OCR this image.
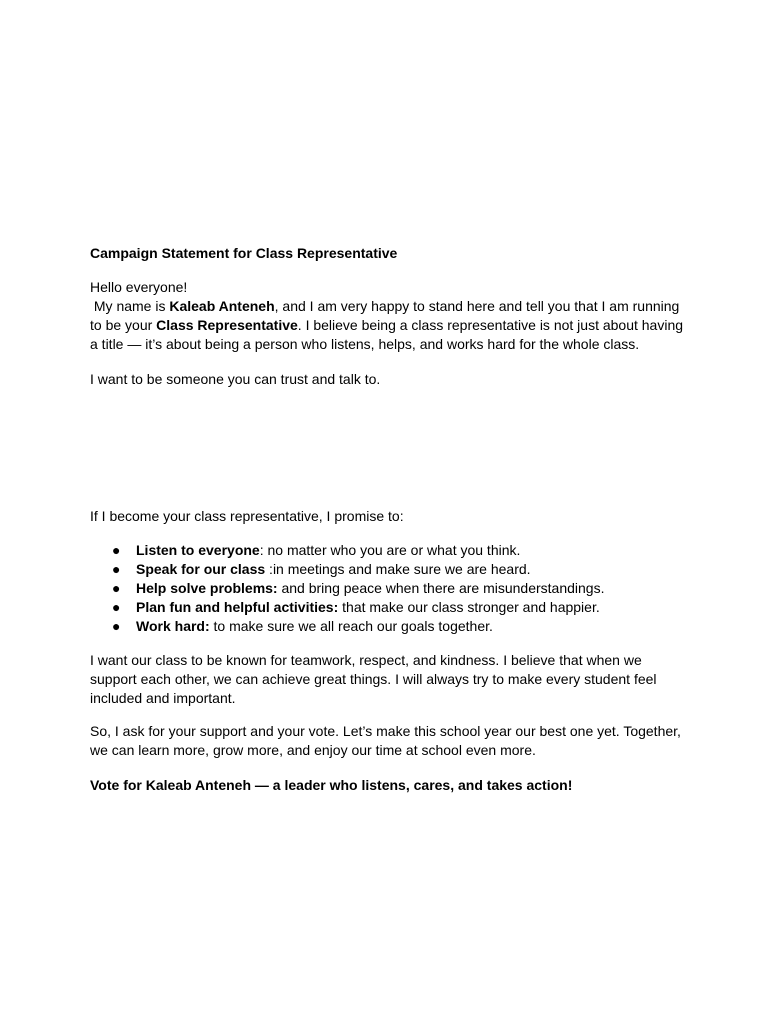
Campaign Statement for Class Representative

Hello everyone!
My name is Kaleab Anteneh, and I am very happy to stand here and tell you that I am running to be your Class Representative. I believe being a class representative is not just about having a title — it’s about being a person who listens, helps, and works hard for the whole class.

I want to be someone you can trust and talk to.

If I become your class representative, I promise to:

● Listen to everyone: no matter who you are or what you think.
● Speak for our class :in meetings and make sure we are heard.
● Help solve problems: and bring peace when there are misunderstandings.
● Plan fun and helpful activities: that make our class stronger and happier.
● Work hard: to make sure we all reach our goals together.

I want our class to be known for teamwork, respect, and kindness. I believe that when we support each other, we can achieve great things. I will always try to make every student feel included and important.

So, I ask for your support and your vote. Let’s make this school year our best one yet. Together, we can learn more, grow more, and enjoy our time at school even more.

Vote for Kaleab Anteneh — a leader who listens, cares, and takes action!
